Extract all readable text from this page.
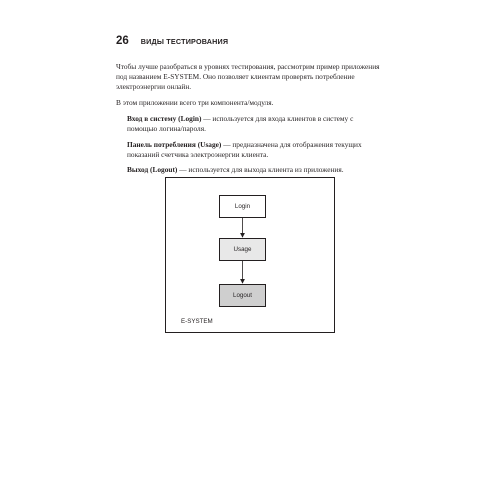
26 ВИДЫ ТЕСТИРОВАНИЯ

Чтобы лучше разобраться в уровнях тестирования, рассмотрим пример приложения под названием E-SYSTEM. Оно позволяет клиентам проверять потребление электроэнергии онлайн.

В этом приложении всего три компонента/модуля.

Вход в систему (Login) — используется для входа клиентов в систему с помощью логина/пароля.

Панель потребления (Usage) — предназначена для отображения текущих показаний счетчика электроэнергии клиента.

Выход (Logout) — используется для выхода клиента из приложения.

Login
Usage
Logout
E-SYSTEM
